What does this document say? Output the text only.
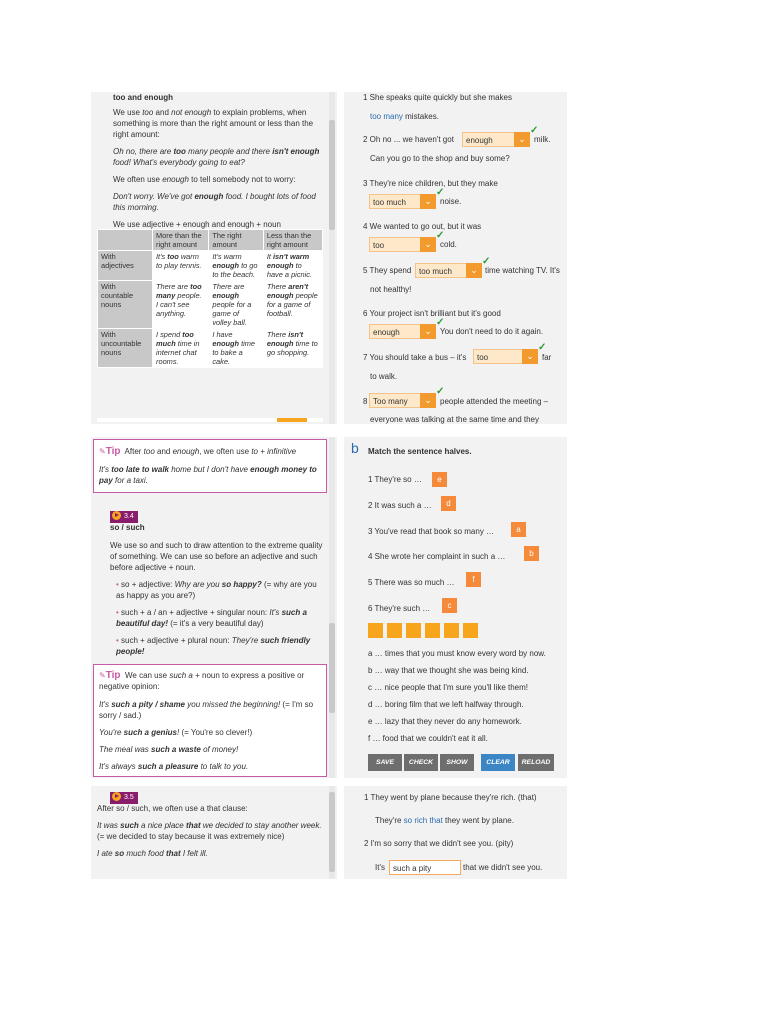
too and enough

We use too and not enough to explain problems, when something is more than the right amount or less than the right amount:

Oh no, there are too many people and there isn't enough food! What's everybody going to eat?

We often use enough to tell somebody not to worry:

Don't worry. We've got enough food. I bought lots of food this morning.

We use adjective + enough and enough + noun

	More than the right amount	The right amount	Less than the right amount
With adjectives	It's too warm to play tennis.	It's warm enough to go to the beach.	It isn't warm enough to have a picnic.
With countable nouns	There are too many people. I can't see anything.	There are enough people for a game of volley ball.	There aren't enough people for a game of football.
With uncountable nouns	I spend too much time in internet chat rooms.	I have enough time to bake a cake.	There isn't enough time to go shopping.
1 She speaks quite quickly but she makes
too many mistakes.
2 Oh no ... we haven't got	enough	⌄
✓
milk.
Can you go to the shop and buy some?
3 They're nice children, but they make
too much	⌄
✓
noise.
4 We wanted to go out, but it was
too	⌄
✓
cold.
5 They spend too much	⌄
✓
time watching TV. It's
not healthy!
6 Your project isn't brilliant but it's good
enough	⌄
✓
You don't need to do it again.
7 You should take a bus – it's	too	⌄
✓
far
to walk.
8 Too many	⌄
✓
people attended the meeting –
everyone was talking at the same time and they
✎Tip After too and enough, we often use to + infinitive
It's too late to walk home but I don't have enough money to pay for a taxi.
3.4
so / such

We use so and such to draw attention to the extreme quality of something. We can use so before an adjective and such before adjective + noun.

• so + adjective: Why are you so happy? (= why are you as happy as you are?)

• such + a / an + adjective + singular noun: It's such a beautiful day! (= it's a very beautiful day)

• such + adjective + plural noun: They're such friendly people!

✎Tip We can use such a + noun to express a positive or negative opinion:

It's such a pity / shame you missed the beginning! (= I'm so sorry / sad.)

You're such a genius! (= You're so clever!)

The meal was such a waste of money!

It's always such a pleasure to talk to you.

b Match the sentence halves.
1 They're so …	e
2 It was such a …	d
3 You've read that book so many …	a
4 She wrote her complaint in such a …	b
5 There was so much …	f
6 They're such …	c
a … times that you must know every word by now.
b … way that we thought she was being kind.
c … nice people that I'm sure you'll like them!
d … boring film that we left halfway through.
e … lazy that they never do any homework.
f … food that we couldn't eat it all.
SAVE	CHECK	SHOW	CLEAR	RELOAD
3.5

After so / such, we often use a that clause:

It was such a nice place that we decided to stay another week. (= we decided to stay because it was extremely nice)

I ate so much food that I felt ill.

1 They went by plane because they're rich. (that)
They're so rich that they went by plane.
2 I'm so sorry that we didn't see you. (pity)
It's	such a pity	that we didn't see you.
